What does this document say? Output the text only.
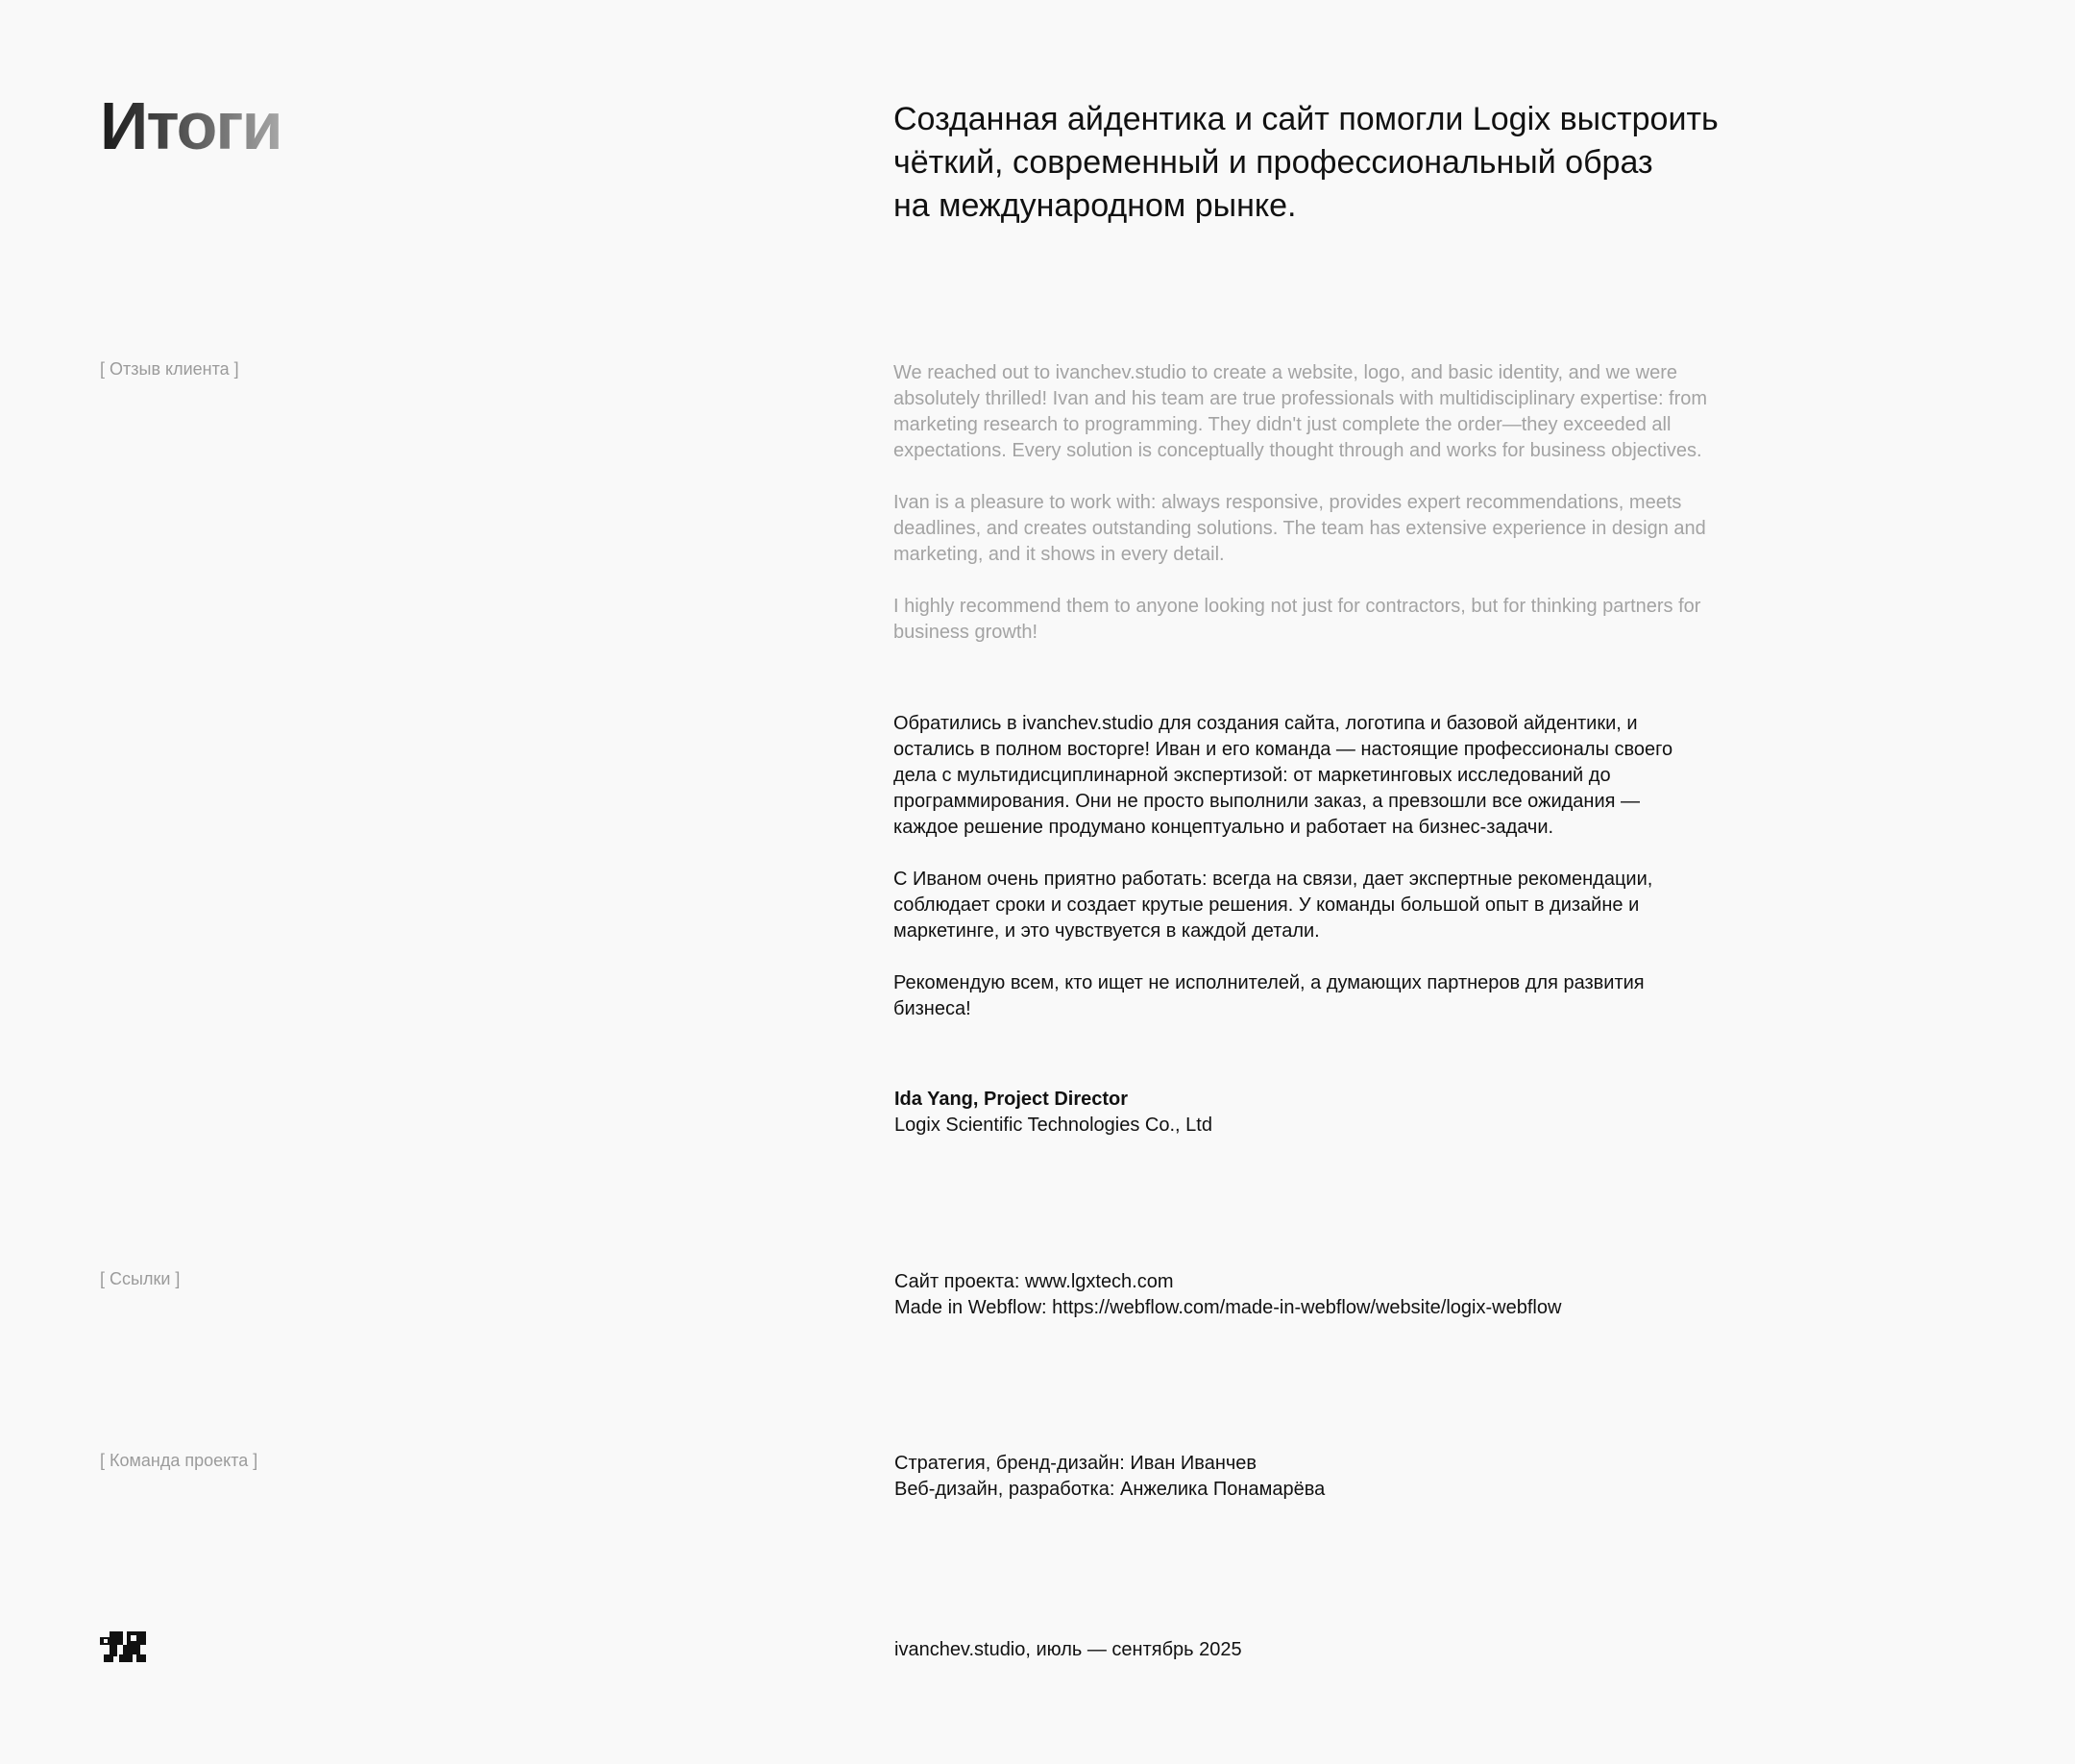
Итоги	Созданная айдентика и сайт помогли Logix выстроить
чёткий, современный и профессиональный образ
на международном рынке.
[ Отзыв клиента ]	We reached out to ivanchev.studio to create a website, logo, and basic identity, and we were
absolutely thrilled! Ivan and his team are true professionals with multidisciplinary expertise: from
marketing research to programming. They didn't just complete the order—they exceeded all
expectations. Every solution is conceptually thought through and works for business objectives.

Ivan is a pleasure to work with: always responsive, provides expert recommendations, meets
deadlines, and creates outstanding solutions. The team has extensive experience in design and
marketing, and it shows in every detail.

I highly recommend them to anyone looking not just for contractors, but for thinking partners for
business growth!

Обратились в ivanchev.studio для создания сайта, логотипа и базовой айдентики, и
остались в полном восторге! Иван и его команда — настоящие профессионалы своего
дела с мультидисциплинарной экспертизой: от маркетинговых исследований до
программирования. Они не просто выполнили заказ, а превзошли все ожидания —
каждое решение продумано концептуально и работает на бизнес-задачи.

С Иваном очень приятно работать: всегда на связи, дает экспертные рекомендации,
соблюдает сроки и создает крутые решения. У команды большой опыт в дизайне и
маркетинге, и это чувствуется в каждой детали.

Рекомендую всем, кто ищет не исполнителей, а думающих партнеров для развития
бизнеса!

Ida Yang, Project Director
Logix Scientific Technologies Co., Ltd
[ Ссылки ]	Сайт проекта: www.lgxtech.com
Made in Webflow: https://webflow.com/made-in-webflow/website/logix-webflow
[ Команда проекта ]	Стратегия, бренд-дизайн: Иван Иванчев
Веб-дизайн, разработка: Анжелика Понамарёва
ivanchev.studio, июль — сентябрь 2025
